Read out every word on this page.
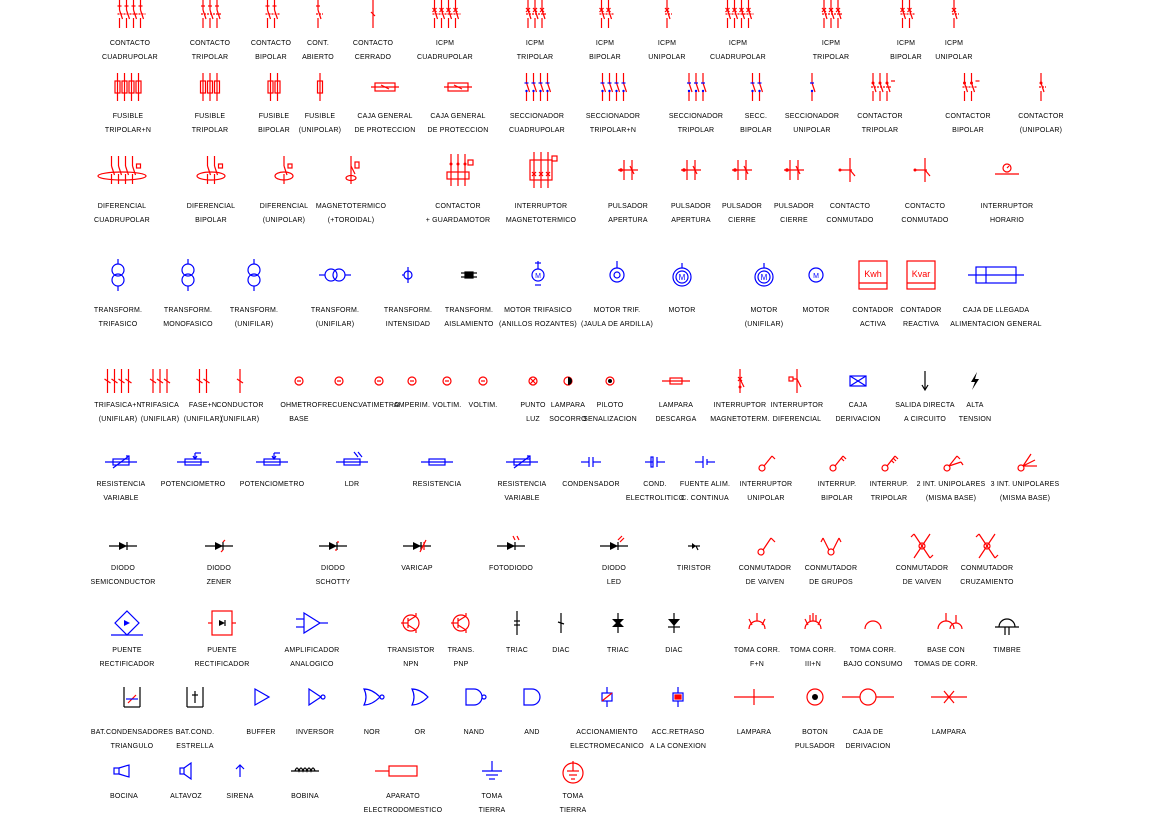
CONTACTO
CUADRUPOLAR
CONTACTO
TRIPOLAR
CONTACTO
BIPOLAR
CONT.
ABIERTO
CONTACTO
CERRADO
ICPM
CUADRUPOLAR
ICPM
TRIPOLAR
ICPM
BIPOLAR
ICPM
UNIPOLAR
ICPM
CUADRUPOLAR
ICPM
TRIPOLAR
ICPM
BIPOLAR
ICPM
UNIPOLAR
FUSIBLE
TRIPOLAR+N
FUSIBLE
TRIPOLAR
FUSIBLE
BIPOLAR
FUSIBLE
(UNIPOLAR)
CAJA GENERAL
DE PROTECCION
CAJA GENERAL
DE PROTECCION
SECCIONADOR
CUADRUPOLAR
SECCIONADOR
TRIPOLAR+N
SECCIONADOR
TRIPOLAR
SECC.
BIPOLAR
SECCIONADOR
UNIPOLAR
CONTACTOR
TRIPOLAR
CONTACTOR
BIPOLAR
CONTACTOR
(UNIPOLAR)
DIFERENCIAL
CUADRUPOLAR
DIFERENCIAL
BIPOLAR
DIFERENCIAL
(UNIPOLAR)
MAGNETOTERMICO
(+TOROIDAL)
CONTACTOR
+ GUARDAMOTOR
INTERRUPTOR
MAGNETOTERMICO
PULSADOR
APERTURA
PULSADOR
APERTURA
PULSADOR
CIERRE
PULSADOR
CIERRE
CONTACTO
CONMUTADO
CONTACTO
CONMUTADO
INTERRUPTOR
HORARIO
TRANSFORM.
TRIFASICO
TRANSFORM.
MONOFASICO
TRANSFORM.
(UNIFILAR)
TRANSFORM.
(UNIFILAR)
TRANSFORM.
INTENSIDAD
TRANSFORM.
AISLAMIENTO
M
MOTOR TRIFASICO
(ANILLOS ROZANTES)
MOTOR TRIF.
(JAULA DE ARDILLA)
M
MOTOR
M
MOTOR
(UNIFILAR)
M
MOTOR
Kwh
CONTADOR
ACTIVA
Kvar
CONTADOR
REACTIVA
CAJA DE LLEGADA
ALIMENTACION GENERAL
TRIFASICA+N
(UNIFILAR)
TRIFASICA
(UNIFILAR)
FASE+N
(UNIFILAR)
CONDUCTOR
(UNIFILAR)
OHMETRO
BASE
FRECUENC.
VATIMETRO
AMPERIM. VOLTIM.	VOLTIM.	PUNTO
LUZ
LAMPARA
SOCORRO
PILOTO
SENALIZACION
LAMPARA
DESCARGA
INTERRUPTOR
MAGNETOTERM.
INTERRUPTOR
DIFERENCIAL
CAJA
DERIVACION
SALIDA DIRECTA
A CIRCUITO
ALTA
TENSION
RESISTENCIA
VARIABLE
POTENCIOMETRO	POTENCIOMETRO	LDR	RESISTENCIA	RESISTENCIA
VARIABLE
CONDENSADOR	COND.
ELECTROLITICO
FUENTE ALIM.
C. CONTINUA
INTERRUPTOR
UNIPOLAR
INTERRUP.
BIPOLAR
INTERRUP.
TRIPOLAR
2 INT. UNIPOLARES
(MISMA BASE)
3 INT. UNIPOLARES
(MISMA BASE)
DIODO
SEMICONDUCTOR
DIODO
ZENER
DIODO
SCHOTTY
VARICAP	FOTODIODO	DIODO
LED
TIRISTOR	CONMUTADOR
DE VAIVEN
CONMUTADOR
DE GRUPOS
CONMUTADOR
DE VAIVEN
CONMUTADOR
CRUZAMIENTO
PUENTE
RECTIFICADOR
PUENTE
RECTIFICADOR
AMPLIFICADOR
ANALOGICO
TRANSISTOR
NPN
TRANS.
PNP
TRIAC	DIAC	TRIAC	DIAC	TOMA CORR.
F+N
TOMA CORR.
III+N
TOMA CORR.
BAJO CONSUMO
BASE CON
TOMAS DE CORR.
TIMBRE
BAT.CONDENSADORES
TRIANGULO
BAT.COND.
ESTRELLA
BUFFER	INVERSOR	NOR	OR	NAND	AND	ACCIONAMIENTO
ELECTROMECANICO
ACC.RETRASO
A LA CONEXION
LAMPARA	BOTON
PULSADOR
CAJA DE
DERIVACION
LAMPARA
BOCINA	ALTAVOZ	SIRENA	BOBINA	APARATO
ELECTRODOMESTICO
TOMA
TIERRA
TOMA
TIERRA
